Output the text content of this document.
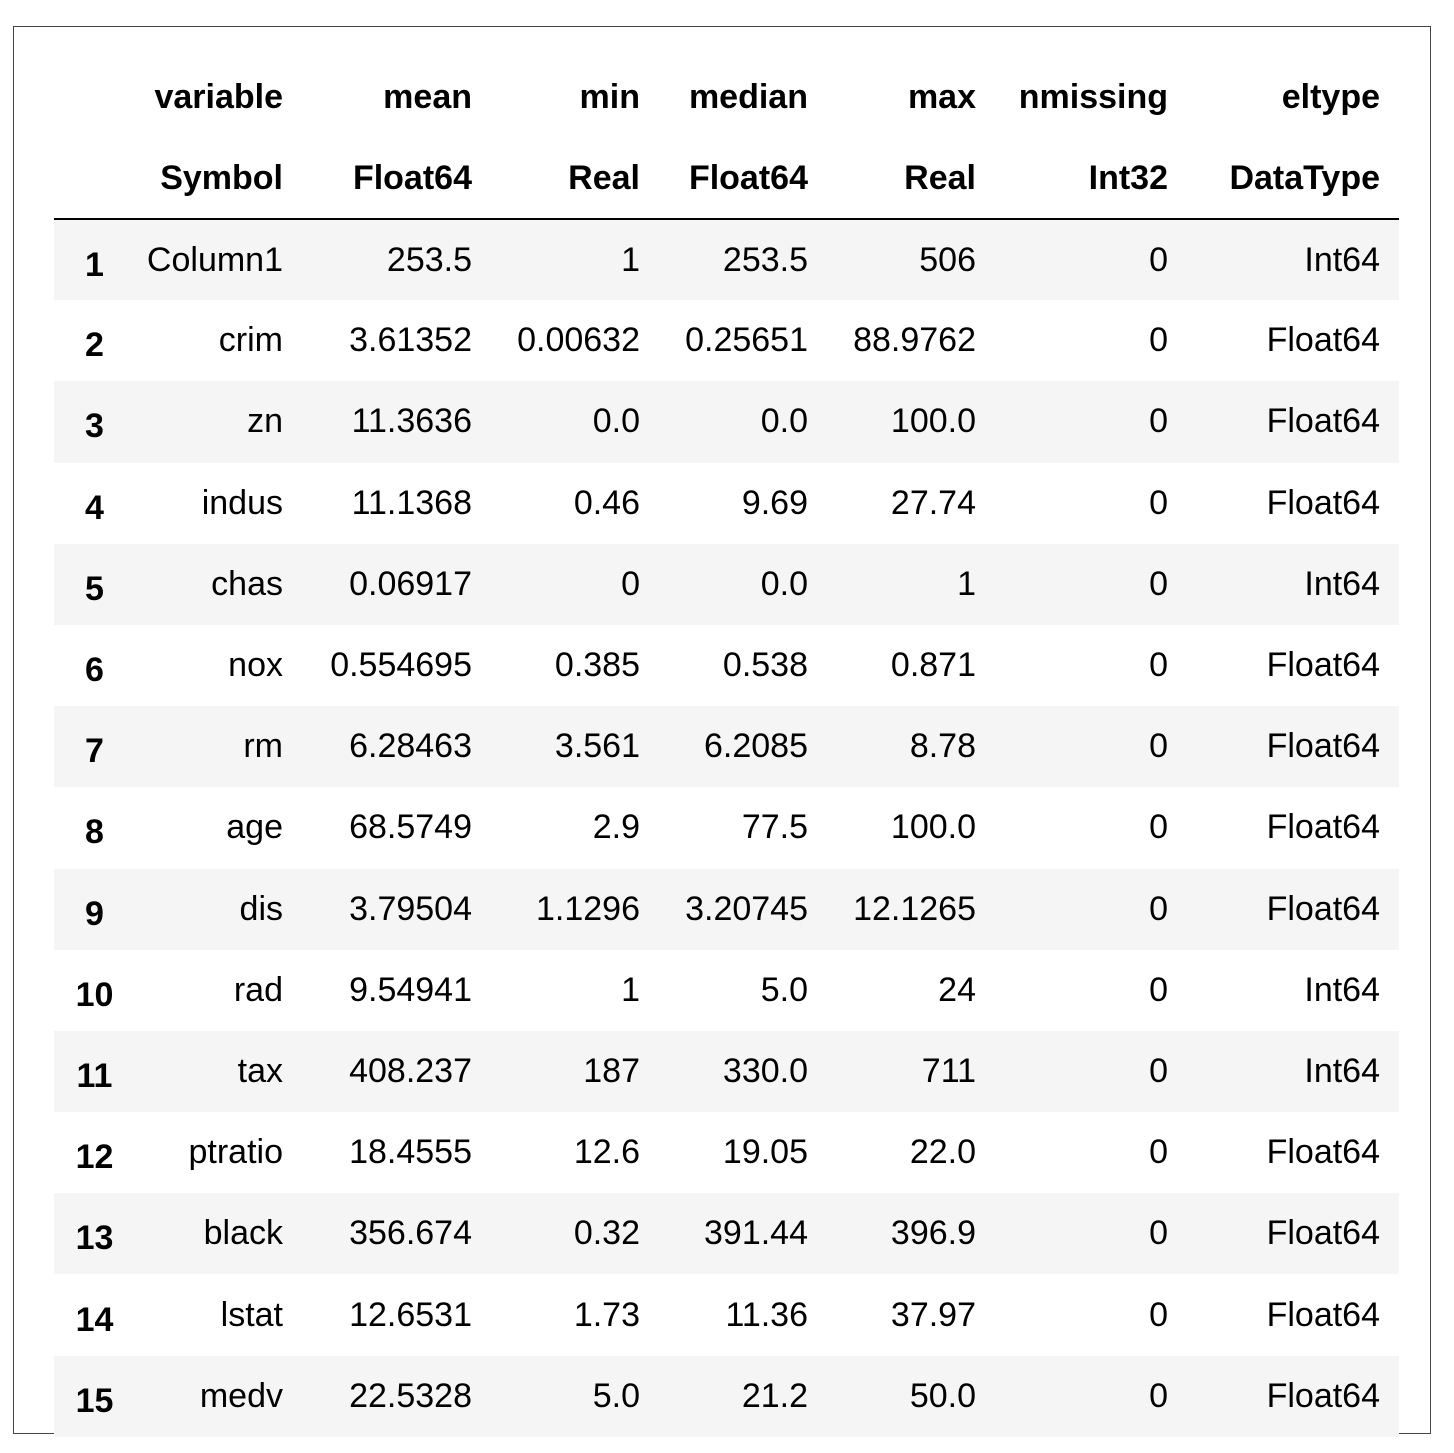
	variable	mean	min	median	max	nmissing	eltype
	Symbol	Float64	Real	Float64	Real	Int32	DataType
1	Column1	253.5	1	253.5	506	0	Int64
2	crim	3.61352	0.00632	0.25651	88.9762	0	Float64
3	zn	11.3636	0.0	0.0	100.0	0	Float64
4	indus	11.1368	0.46	9.69	27.74	0	Float64
5	chas	0.06917	0	0.0	1	0	Int64
6	nox	0.554695	0.385	0.538	0.871	0	Float64
7	rm	6.28463	3.561	6.2085	8.78	0	Float64
8	age	68.5749	2.9	77.5	100.0	0	Float64
9	dis	3.79504	1.1296	3.20745	12.1265	0	Float64
10	rad	9.54941	1	5.0	24	0	Int64
11	tax	408.237	187	330.0	711	0	Int64
12	ptratio	18.4555	12.6	19.05	22.0	0	Float64
13	black	356.674	0.32	391.44	396.9	0	Float64
14	lstat	12.6531	1.73	11.36	37.97	0	Float64
15	medv	22.5328	5.0	21.2	50.0	0	Float64
